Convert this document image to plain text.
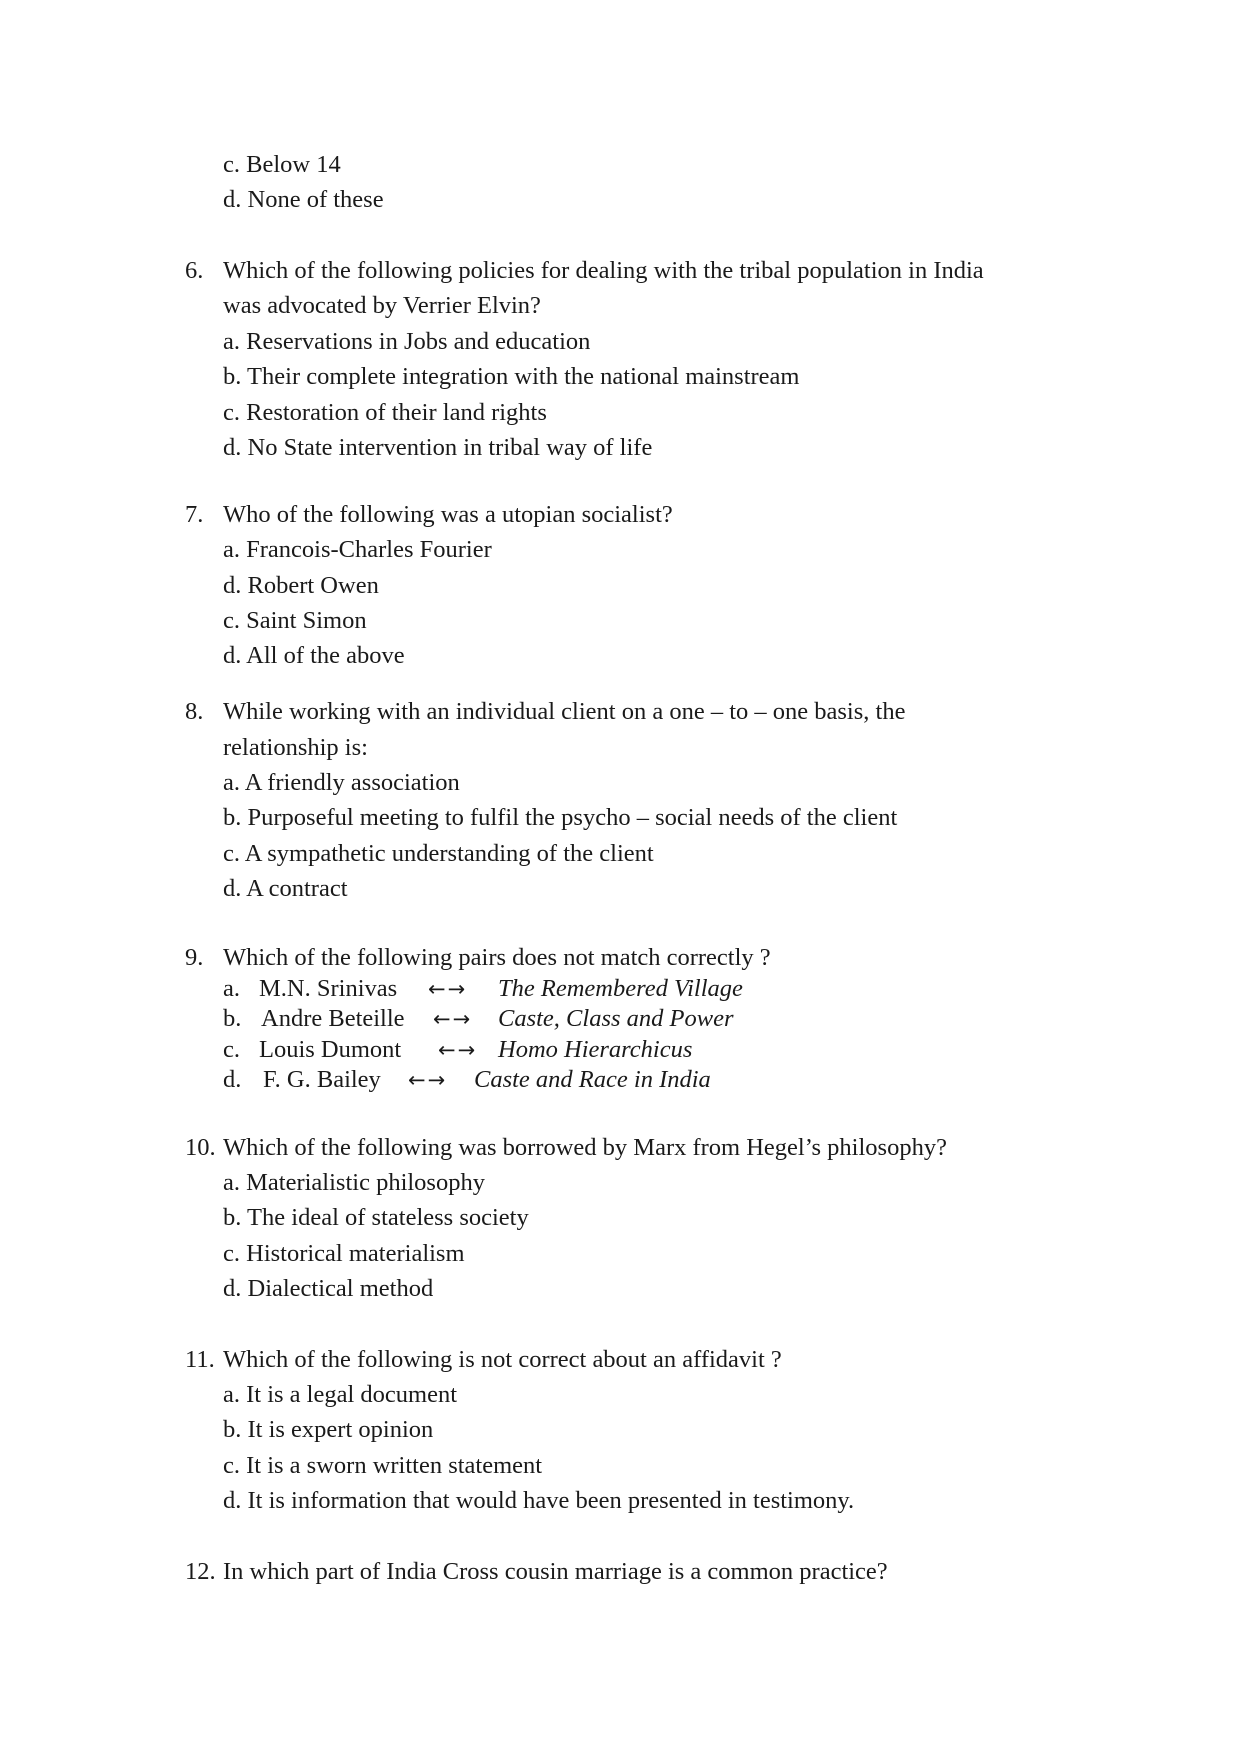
c. Below 14
d. None of these
6. Which of the following policies for dealing with the tribal population in India
was advocated by Verrier Elvin?
a. Reservations in Jobs and education
b. Their complete integration with the national mainstream
c. Restoration of their land rights
d. No State intervention in tribal way of life
7. Who of the following was a utopian socialist?
a. Francois-Charles Fourier
d. Robert Owen
c. Saint Simon
d. All of the above
8. While working with an individual client on a one – to – one basis, the
relationship is:
a. A friendly association
b. Purposeful meeting to fulfil the psycho – social needs of the client
c. A sympathetic understanding of the client
d. A contract
9. Which of the following pairs does not match correctly ?
a. M.N. Srinivas ←→ The Remembered Village
b. Andre Beteille ←→ Caste, Class and Power
c. Louis Dumont ←→ Homo Hierarchicus
d. F. G. Bailey ←→ Caste and Race in India
10. Which of the following was borrowed by Marx from Hegel’s philosophy?
a. Materialistic philosophy
b. The ideal of stateless society
c. Historical materialism
d. Dialectical method
11. Which of the following is not correct about an affidavit ?
a. It is a legal document
b. It is expert opinion
c. It is a sworn written statement
d. It is information that would have been presented in testimony.
12. In which part of India Cross cousin marriage is a common practice?
